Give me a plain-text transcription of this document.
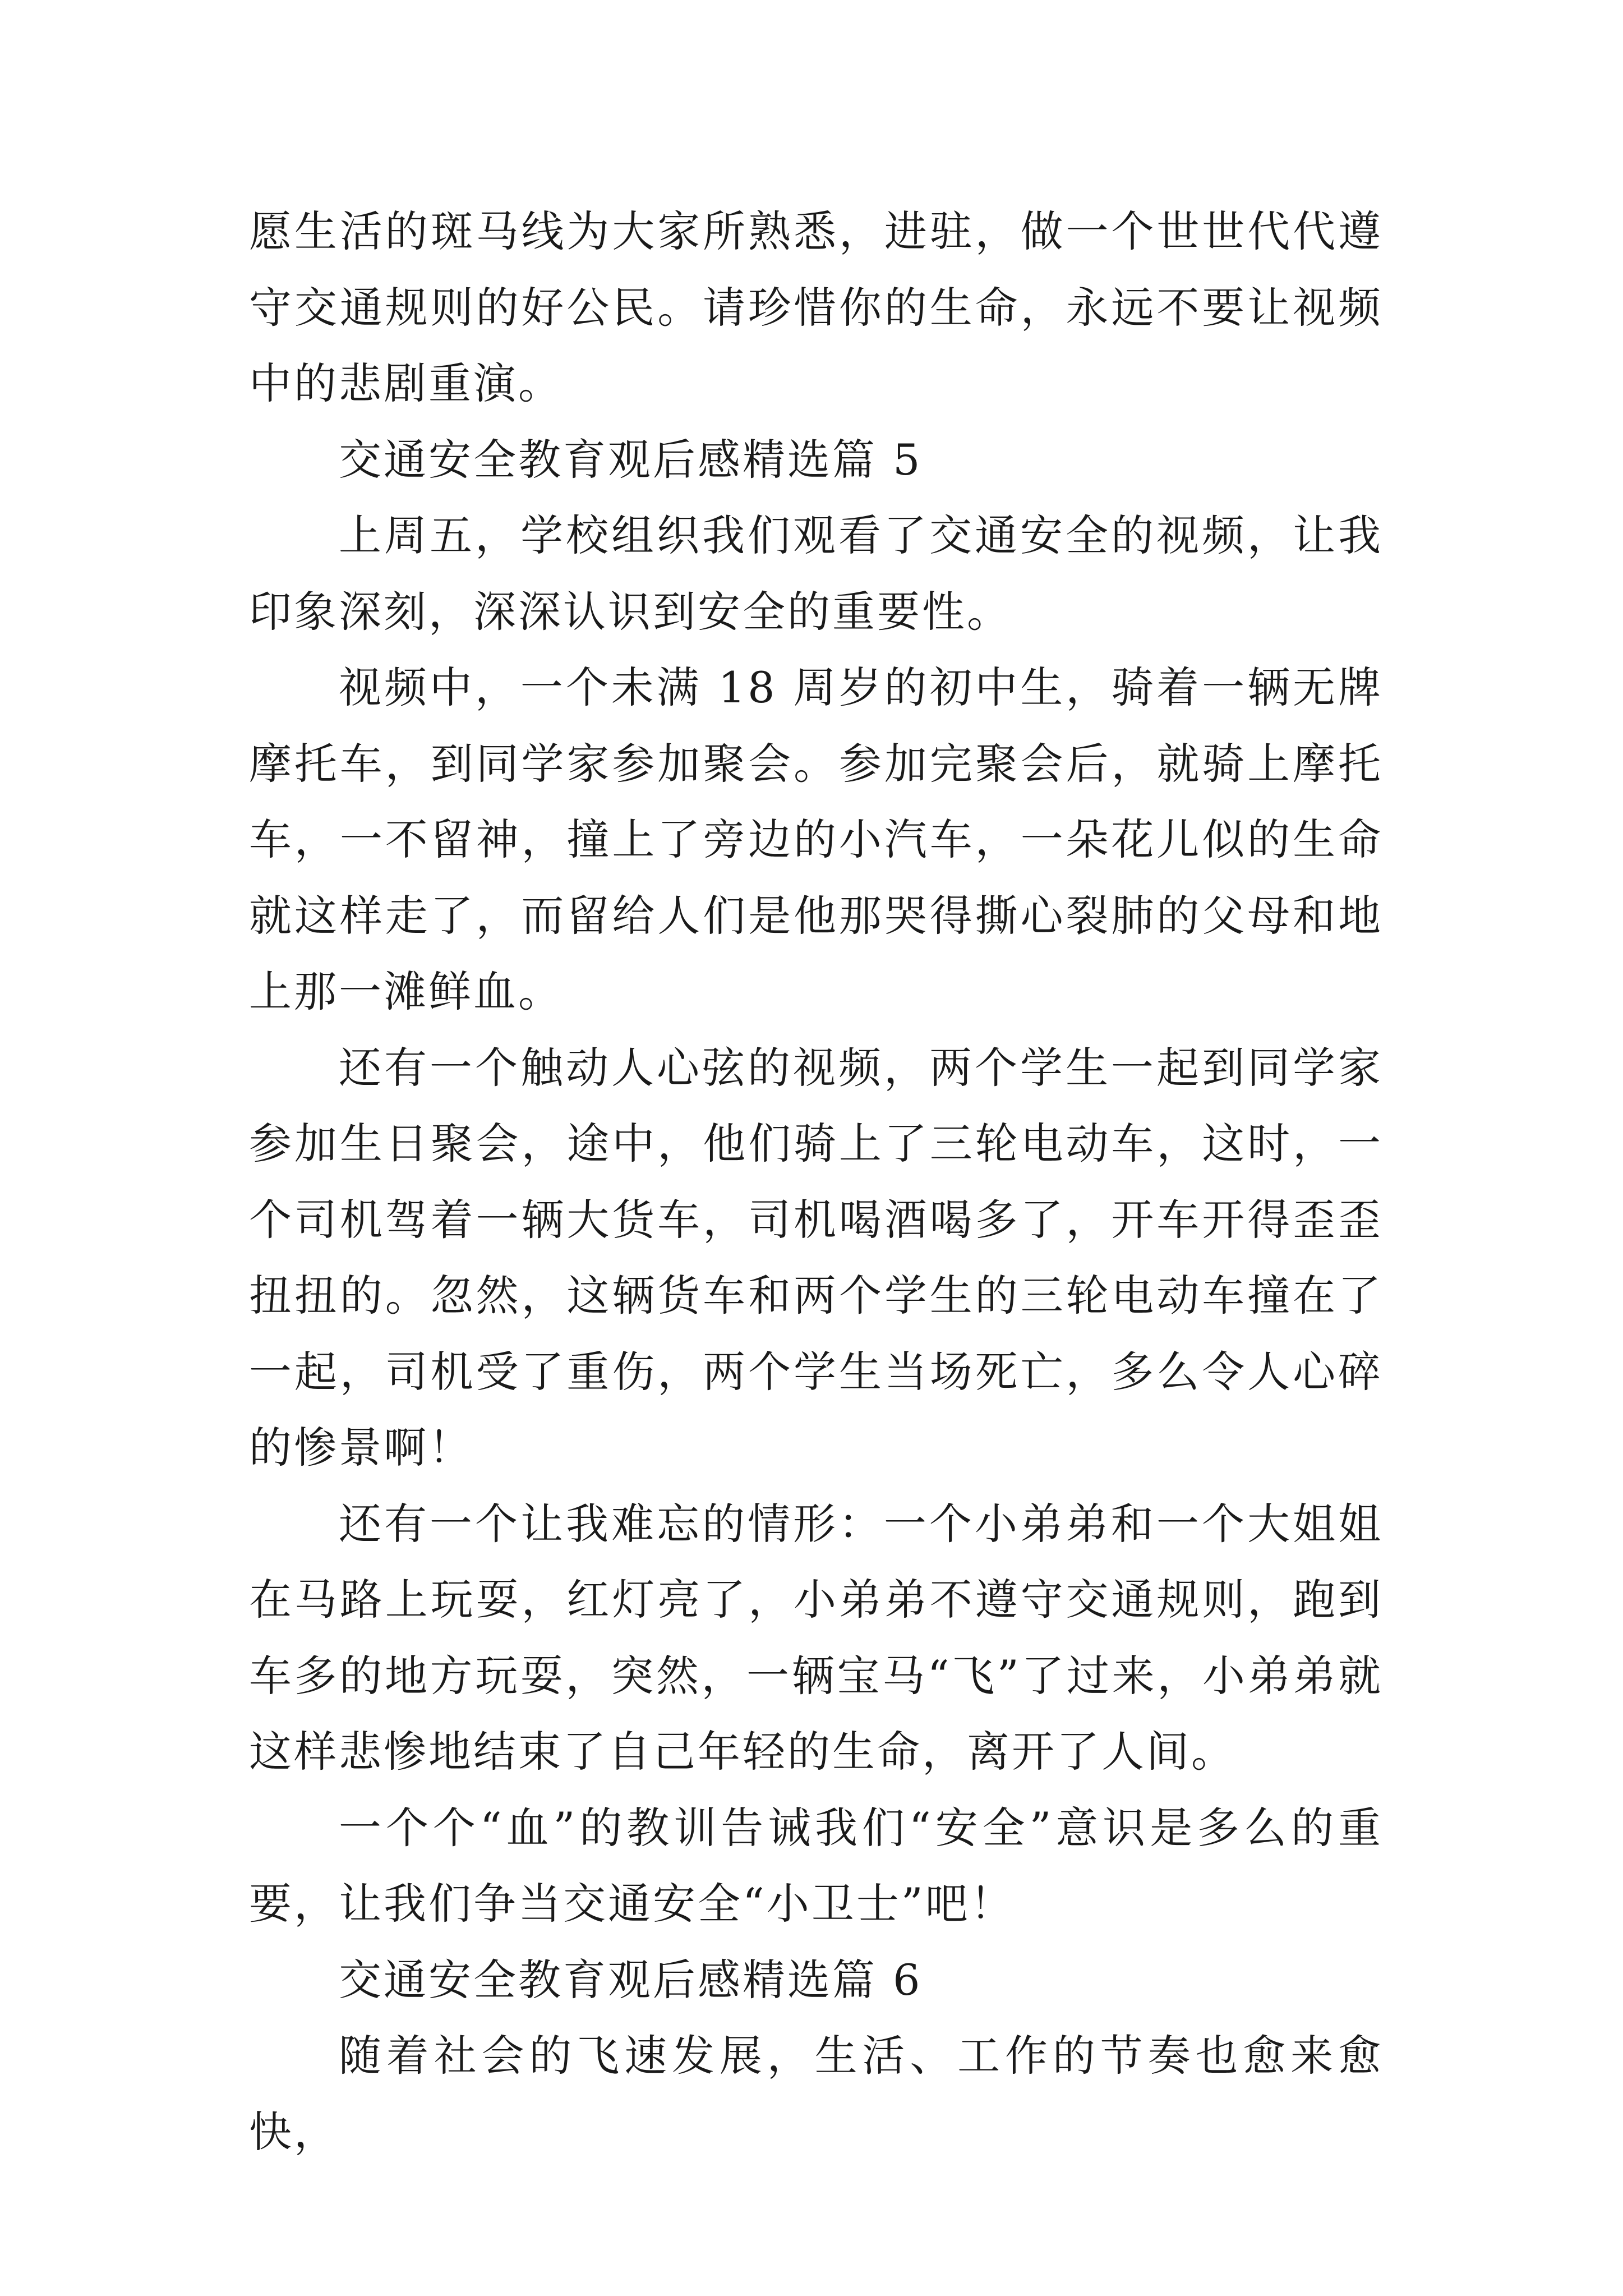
愿生活的斑马线为大家所熟悉，进驻，做一个世世代代遵守交通规则的好公民。请珍惜你的生命，永远不要让视频中的悲剧重演。

交通安全教育观后感精选篇 5

上周五，学校组织我们观看了交通安全的视频，让我印象深刻，深深认识到安全的重要性。

视频中，一个未满 18 周岁的初中生，骑着一辆无牌摩托车，到同学家参加聚会。参加完聚会后，就骑上摩托车，一不留神，撞上了旁边的小汽车，一朵花儿似的生命就这样走了，而留给人们是他那哭得撕心裂肺的父母和地上那一滩鲜血。

还有一个触动人心弦的视频，两个学生一起到同学家参加生日聚会，途中，他们骑上了三轮电动车，这时，一个司机驾着一辆大货车，司机喝酒喝多了，开车开得歪歪扭扭的。忽然，这辆货车和两个学生的三轮电动车撞在了一起，司机受了重伤，两个学生当场死亡，多么令人心碎的惨景啊！

还有一个让我难忘的情形：一个小弟弟和一个大姐姐在马路上玩耍，红灯亮了，小弟弟不遵守交通规则，跑到车多的地方玩耍，突然，一辆宝马“飞”了过来，小弟弟就这样悲惨地结束了自己年轻的生命，离开了人间。

一个个“血”的教训告诫我们“安全”意识是多么的重要，让我们争当交通安全“小卫士”吧！

交通安全教育观后感精选篇 6

随着社会的飞速发展，生活、工作的节奏也愈来愈快，
